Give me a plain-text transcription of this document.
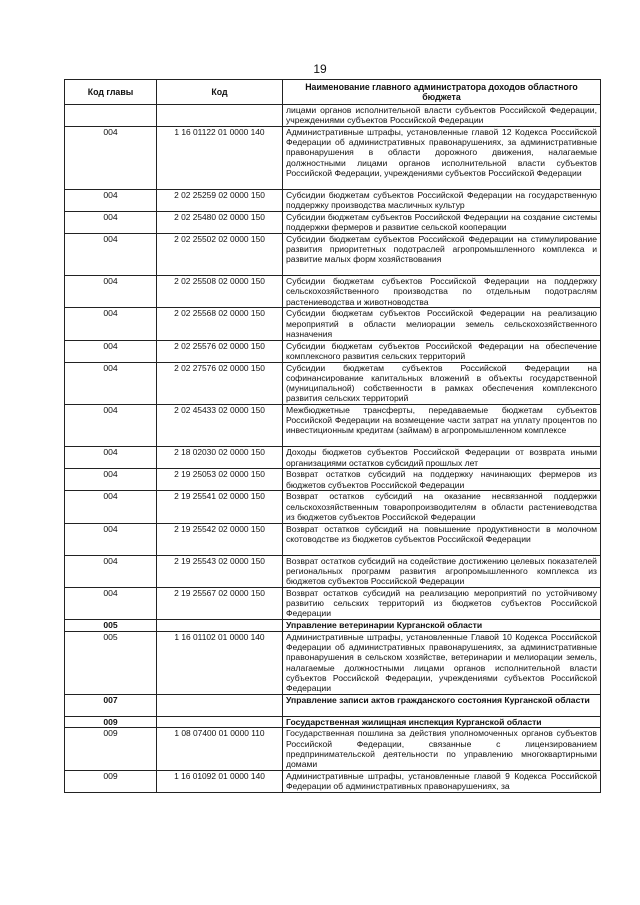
19
Код главы	Код	Наименование главного администратора доходов областного бюджета
		лицами органов исполнительной власти субъектов Российской Федерации, учреждениями субъектов Российской Федерации
004	1 16 01122 01 0000 140	Административные штрафы, установленные главой 12 Кодекса Российской Федерации об административных правонарушениях, за административные правонарушения в области дорожного движения, налагаемые должностными лицами органов исполнительной власти субъектов Российской Федерации, учреждениями субъектов Российской Федерации
004	2 02 25259 02 0000 150	Субсидии бюджетам субъектов Российской Федерации на государственную поддержку производства масличных культур
004	2 02 25480 02 0000 150	Субсидии бюджетам субъектов Российской Федерации на создание системы поддержки фермеров и развитие сельской кооперации
004	2 02 25502 02 0000 150	Субсидии бюджетам субъектов Российской Федерации на стимулирование развития приоритетных подотраслей агропромышленного комплекса и развитие малых форм хозяйствования
004	2 02 25508 02 0000 150	Субсидии бюджетам субъектов Российской Федерации на поддержку сельскохозяйственного производства по отдельным подотраслям растениеводства и животноводства
004	2 02 25568 02 0000 150	Субсидии бюджетам субъектов Российской Федерации на реализацию мероприятий в области мелиорации земель сельскохозяйственного назначения
004	2 02 25576 02 0000 150	Субсидии бюджетам субъектов Российской Федерации на обеспечение комплексного развития сельских территорий
004	2 02 27576 02 0000 150	Субсидии бюджетам субъектов Российской Федерации на софинансирование капитальных вложений в объекты государственной (муниципальной) собственности в рамках обеспечения комплексного развития сельских территорий
004	2 02 45433 02 0000 150	Межбюджетные трансферты, передаваемые бюджетам субъектов Российской Федерации на возмещение части затрат на уплату процентов по инвестиционным кредитам (займам) в агропромышленном комплексе
004	2 18 02030 02 0000 150	Доходы бюджетов субъектов Российской Федерации от возврата иными организациями остатков субсидий прошлых лет
004	2 19 25053 02 0000 150	Возврат остатков субсидий на поддержку начинающих фермеров из бюджетов субъектов Российской Федерации
004	2 19 25541 02 0000 150	Возврат остатков субсидий на оказание несвязанной поддержки сельскохозяйственным товаропроизводителям в области растениеводства из бюджетов субъектов Российской Федерации
004	2 19 25542 02 0000 150	Возврат остатков субсидий на повышение продуктивности в молочном скотоводстве из бюджетов субъектов Российской Федерации
004	2 19 25543 02 0000 150	Возврат остатков субсидий на содействие достижению целевых показателей региональных программ развития агропромышленного комплекса из бюджетов субъектов Российской Федерации
004	2 19 25567 02 0000 150	Возврат остатков субсидий на реализацию мероприятий по устойчивому развитию сельских территорий из бюджетов субъектов Российской Федерации
005		Управление ветеринарии Курганской области
005	1 16 01102 01 0000 140	Административные штрафы, установленные Главой 10 Кодекса Российской Федерации об административных правонарушениях, за административные правонарушения в сельском хозяйстве, ветеринарии и мелиорации земель, налагаемые должностными лицами органов исполнительной власти субъектов Российской Федерации, учреждениями субъектов Российской Федерации
007		Управление записи актов гражданского состояния Курганской области
009		Государственная жилищная инспекция Курганской области
009	1 08 07400 01 0000 110	Государственная пошлина за действия уполномоченных органов субъектов Российской Федерации, связанные с лицензированием предпринимательской деятельности по управлению многоквартирными домами
009	1 16 01092 01 0000 140	Административные штрафы, установленные главой 9 Кодекса Российской Федерации об административных правонарушениях, за
